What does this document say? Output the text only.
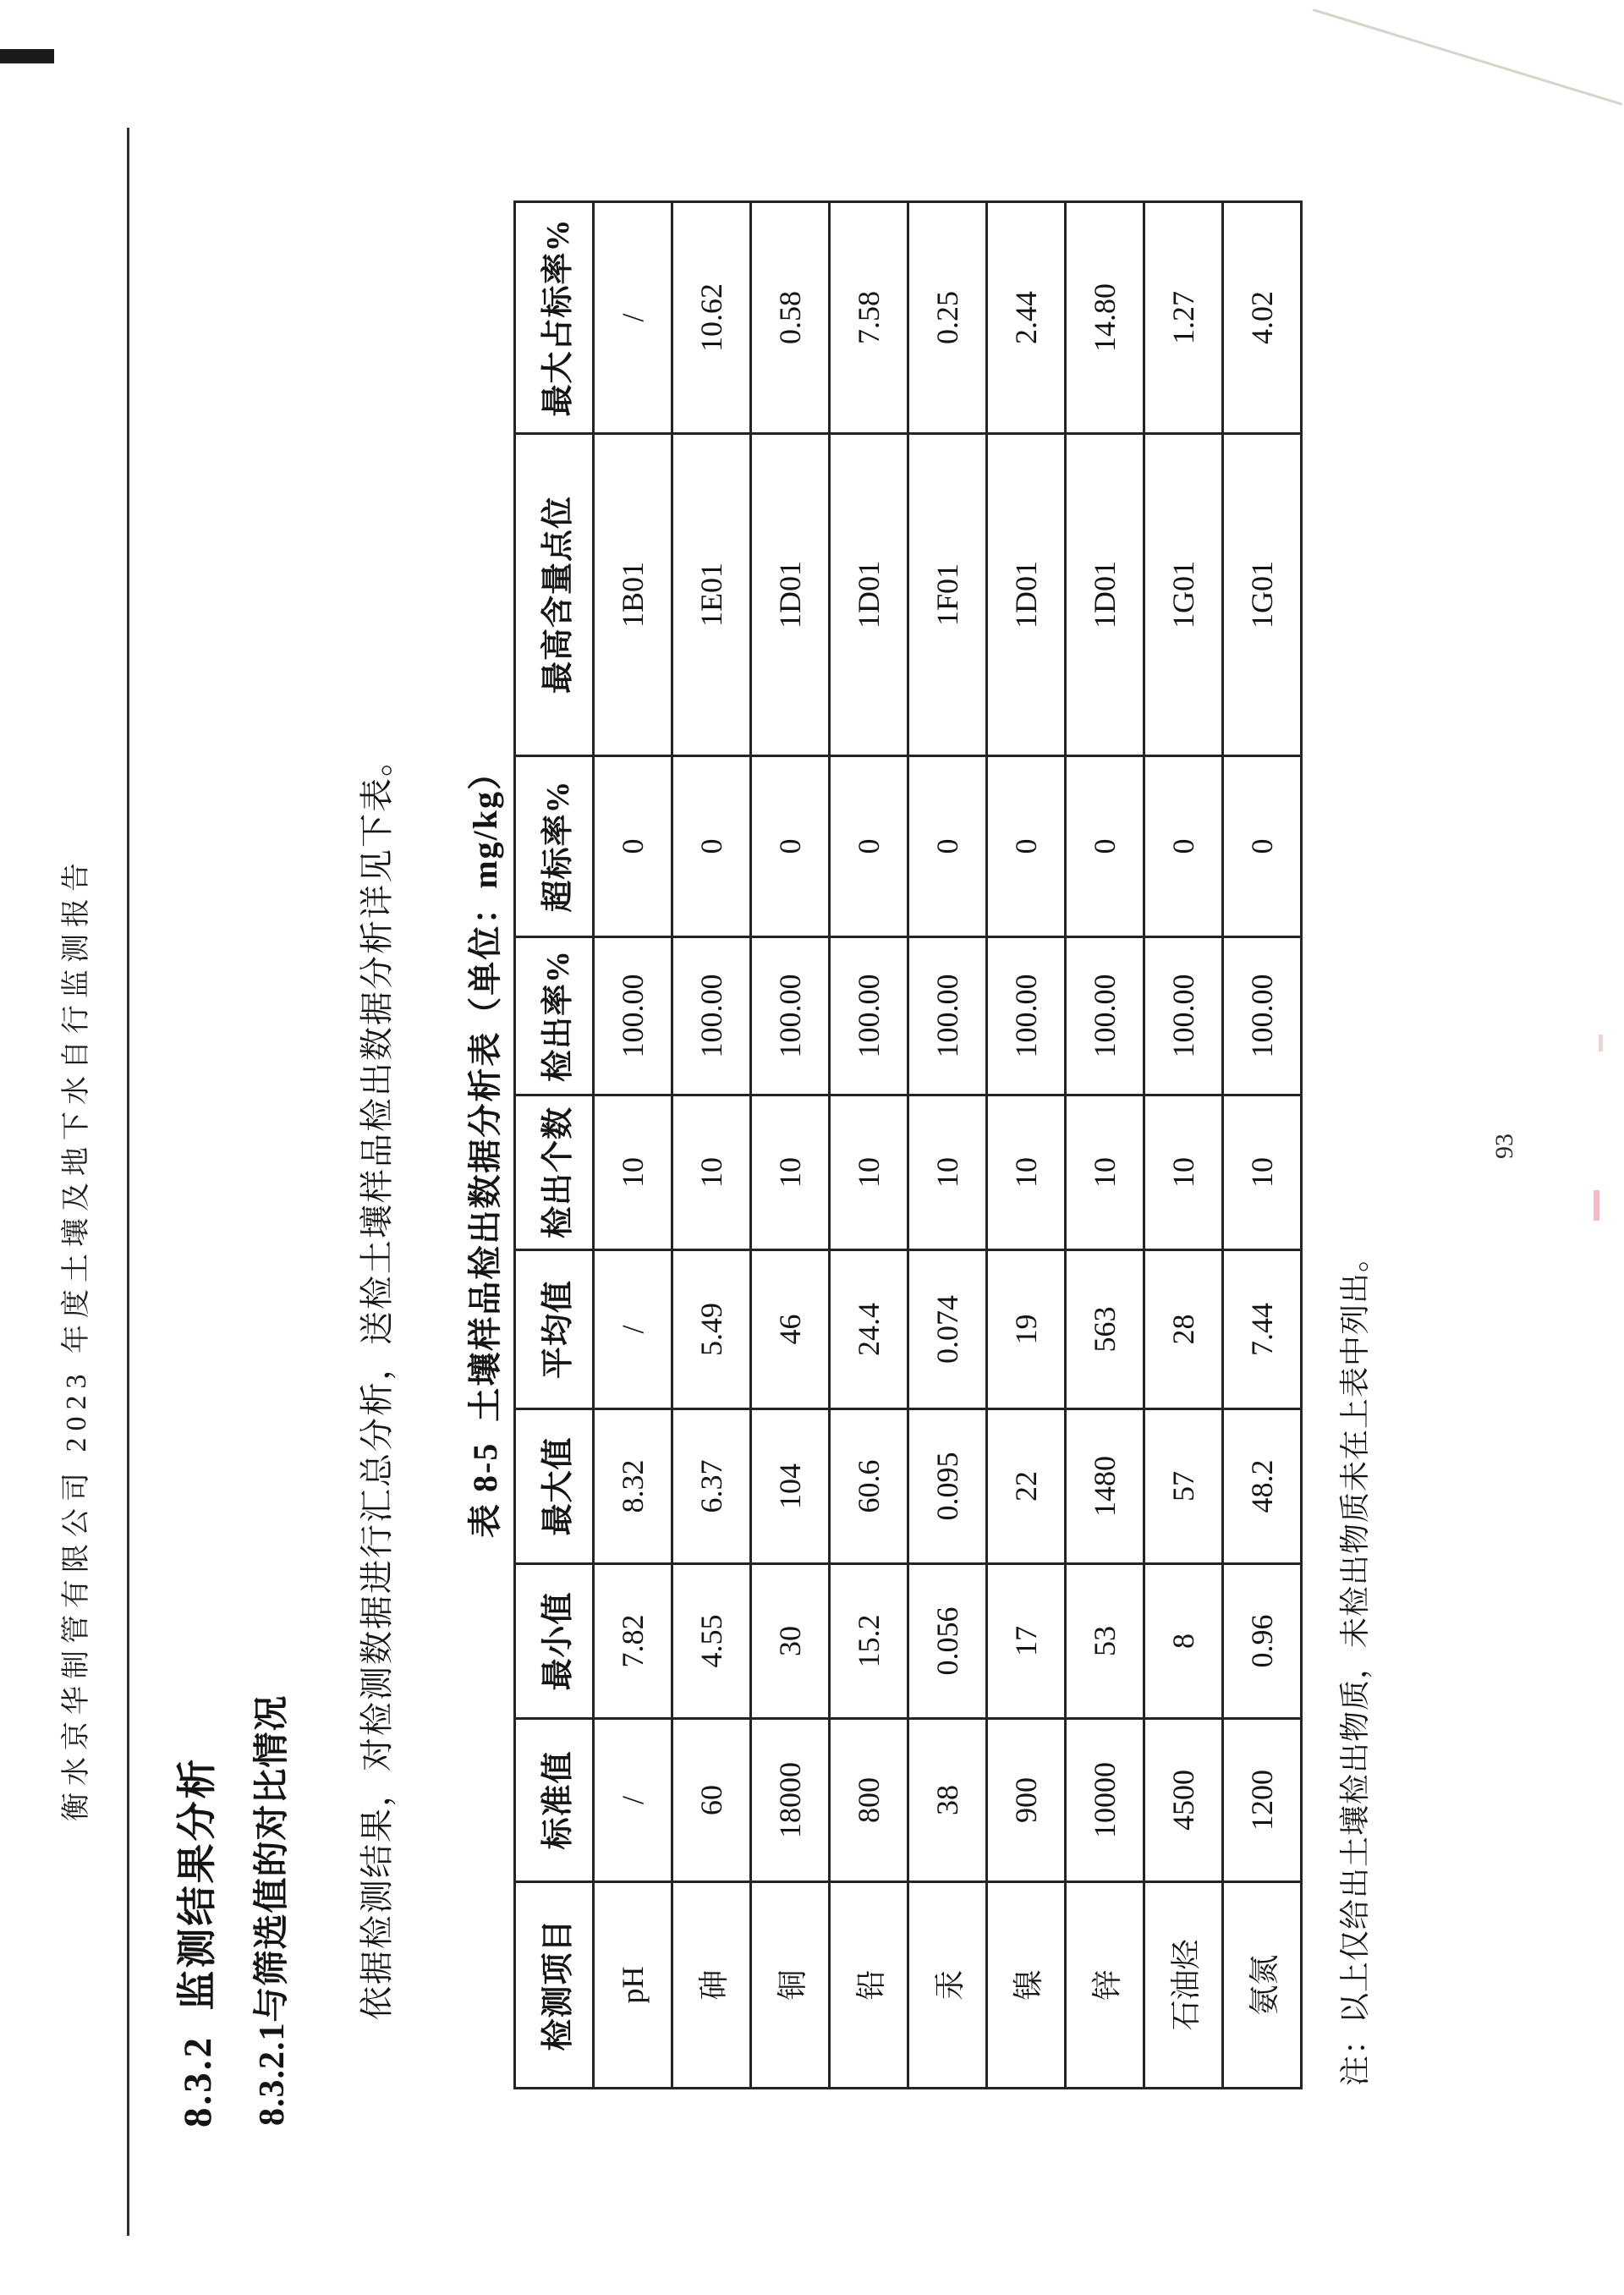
衡水京华制管有限公司 2023 年度土壤及地下水自行监测报告
8.3.2  监测结果分析 8.3.2.1与筛选值的对比情况 依据检测结果，对检测数据进行汇总分析，送检土壤样品检出数据分析详见下表。 表 8-5  土壤样品检出数据分析表（单位：mg/kg）
检测项目	标准值	最小值	最大值	平均值	检出个数	检出率%	超标率%	最高含量点位	最大占标率%
pH	/	7.82	8.32	/	10	100.00	0	1B01	/
砷	60	4.55	6.37	5.49	10	100.00	0	1E01	10.62
铜	18000	30	104	46	10	100.00	0	1D01	0.58
铅	800	15.2	60.6	24.4	10	100.00	0	1D01	7.58
汞	38	0.056	0.095	0.074	10	100.00	0	1F01	0.25
镍	900	17	22	19	10	100.00	0	1D01	2.44
锌	10000	53	1480	563	10	100.00	0	1D01	14.80
石油烃	4500	8	57	28	10	100.00	0	1G01	1.27
氨氮	1200	0.96	48.2	7.44	10	100.00	0	1G01	4.02
注：以上仅给出土壤检出物质，未检出物质未在上表中列出。
93
